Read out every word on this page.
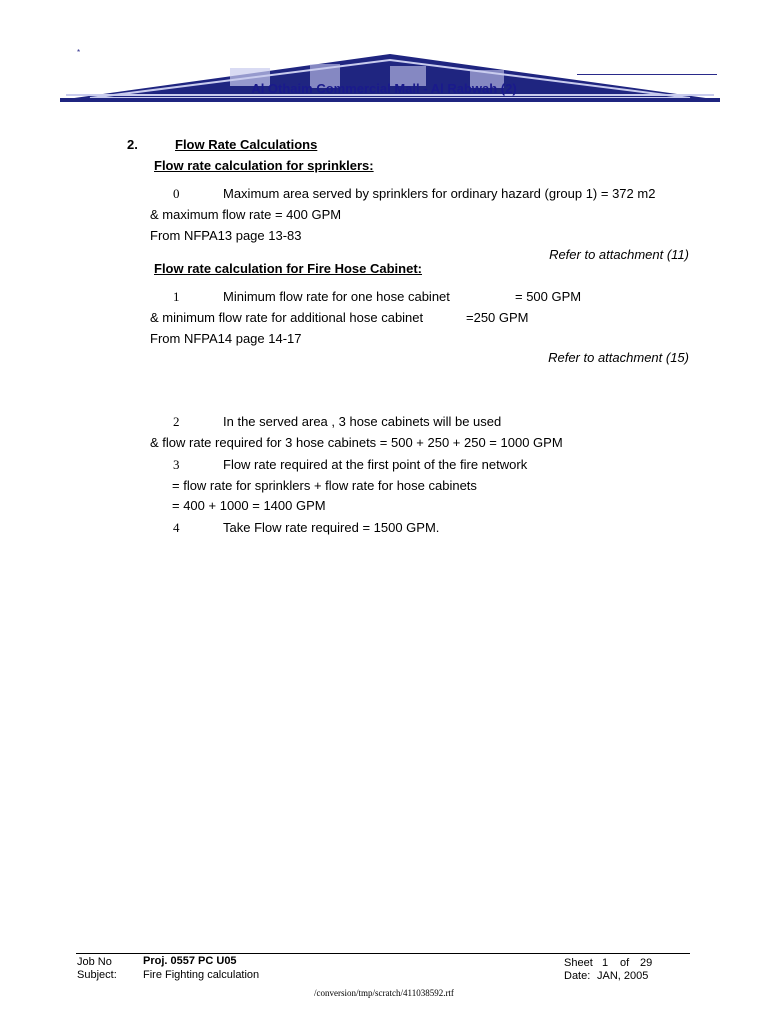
*
Al Othaim Commercial Mall - Al Rabwah (2)
2.	Flow Rate Calculations
Flow rate calculation for sprinklers:
0	Maximum area served by sprinklers for ordinary hazard (group 1) = 372 m2
& maximum flow rate = 400 GPM
From NFPA13 page 13-83
Refer to attachment (11)
Flow rate calculation for Fire Hose Cabinet:
1	Minimum flow rate for one hose cabinet	= 500 GPM
& minimum flow rate for additional hose cabinet	=250 GPM
From NFPA14 page 14-17
Refer to attachment (15)
2	In the served area , 3 hose cabinets will be used
& flow rate required for 3 hose cabinets = 500 + 250 + 250 = 1000 GPM
3	Flow rate required at the first point of the fire network
= flow rate for sprinklers + flow rate for hose cabinets
= 400 + 1000 = 1400 GPM
4	Take Flow rate required = 1500 GPM.
Job No	Proj. 0557 PC U05
Subject: Fire Fighting calculation
Sheet 1 of 29
Date: JAN, 2005
/conversion/tmp/scratch/411038592.rtf
